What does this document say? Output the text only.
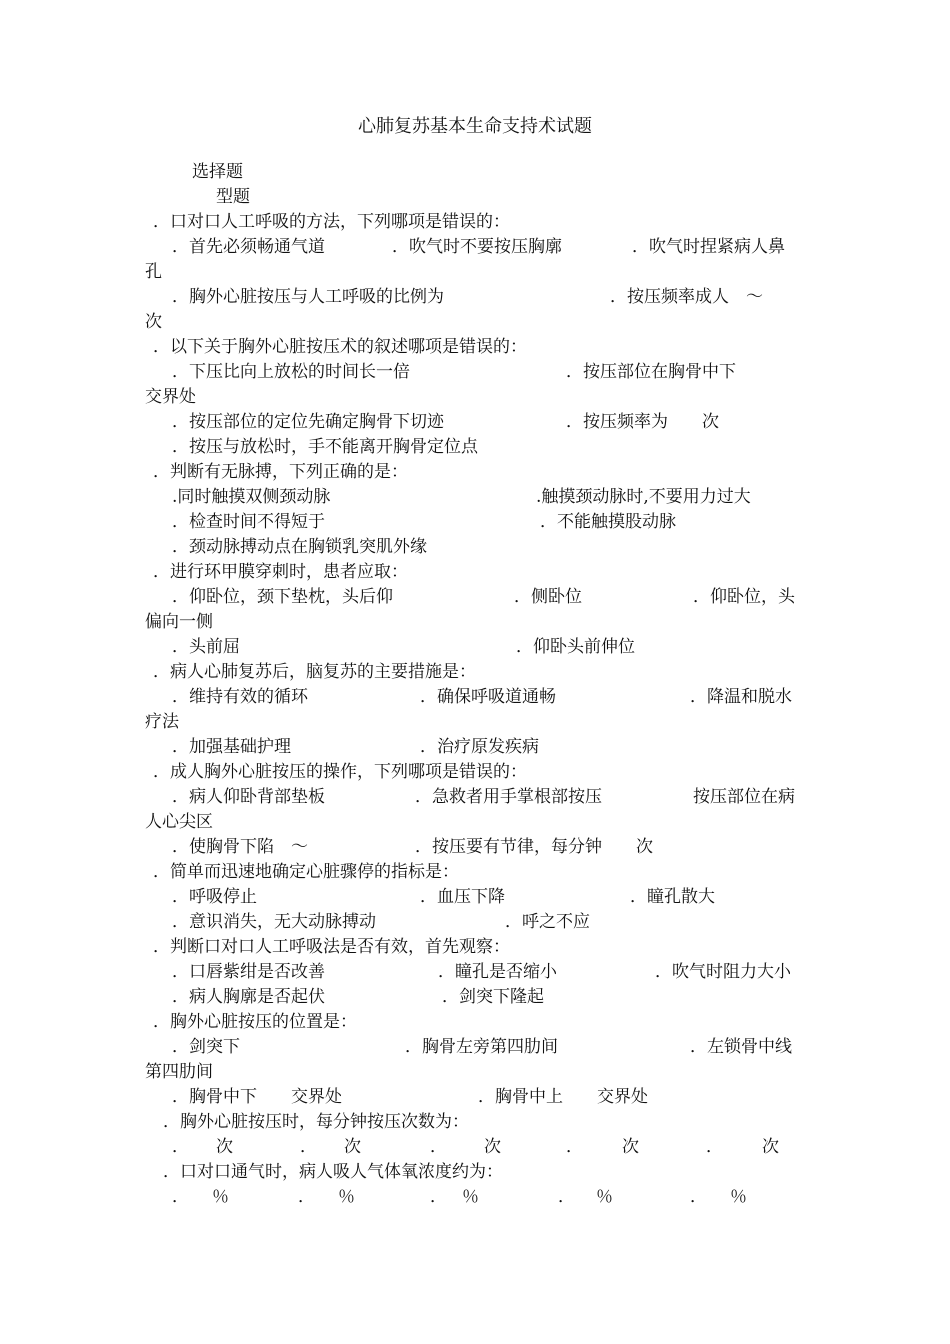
心肺复苏基本生命支持术试题
选择题
型题
．口对口人工呼吸的方法，下列哪项是错误的：
．首先必须畅通气道	．吹气时不要按压胸廓	．吹气时捏紧病人鼻
孔
．胸外心脏按压与人工呼吸的比例为	．按压频率成人　～
次
．以下关于胸外心脏按压术的叙述哪项是错误的：
．下压比向上放松的时间长一倍	．按压部位在胸骨中下
交界处
．按压部位的定位先确定胸骨下切迹	．按压频率为　　次
．按压与放松时，手不能离开胸骨定位点
．判断有无脉搏，下列正确的是：
.同时触摸双侧颈动脉	.触摸颈动脉时,不要用力过大
．检查时间不得短于	．不能触摸股动脉
．颈动脉搏动点在胸锁乳突肌外缘
．进行环甲膜穿刺时，患者应取：
．仰卧位，颈下垫枕，头后仰	．侧卧位	．仰卧位，头
偏向一侧
．头前屈	．仰卧头前伸位
．病人心肺复苏后，脑复苏的主要措施是：
．维持有效的循环	．确保呼吸道通畅	．降温和脱水
疗法
．加强基础护理	．治疗原发疾病
．成人胸外心脏按压的操作，下列哪项是错误的：
．病人仰卧背部垫板	．急救者用手掌根部按压	按压部位在病
人心尖区
．使胸骨下陷　～	．按压要有节律，每分钟　　次
．简单而迅速地确定心脏骤停的指标是：
．呼吸停止	．血压下降	．瞳孔散大
．意识消失，无大动脉搏动	．呼之不应
．判断口对口人工呼吸法是否有效，首先观察：
．口唇紫绀是否改善	．瞳孔是否缩小	．吹气时阻力大小
．病人胸廓是否起伏	．剑突下隆起
．胸外心脏按压的位置是：
．剑突下	．胸骨左旁第四肋间	．左锁骨中线
第四肋间
．胸骨中下　　交界处	．胸骨中上　　交界处
．胸外心脏按压时，每分钟按压次数为：
． 次	． 次	． 次	． 次	． 次
．口对口通气时，病人吸人气体氧浓度约为：
． ％	． ％	． ％	． ％	． ％
